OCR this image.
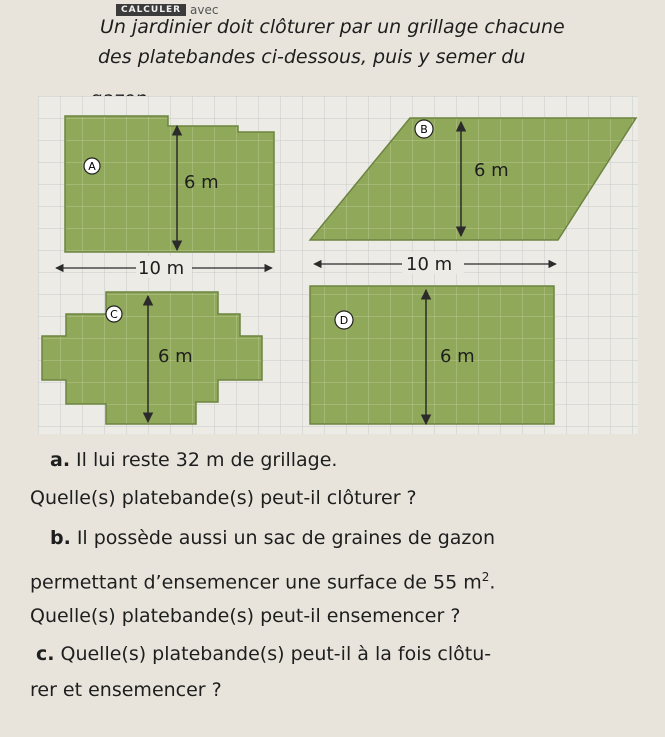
CALCULER avec

Un jardinier doit clôturer par un grillage chacune

des platebandes ci-dessous, puis y semer du

A
6 m
10 m
B
6 m
10 m
C
6 m
D
6 m

a. Il lui reste 32 m de grillage.

Quelle(s) platebande(s) peut-il clôturer ?

b. Il possède aussi un sac de graines de gazon

permettant d’ensemencer une surface de 55 $m^2$.

Quelle(s) platebande(s) peut-il ensemencer ?

c. Quelle(s) platebande(s) peut-il à la fois clôtu-

rer et ensemencer ?
